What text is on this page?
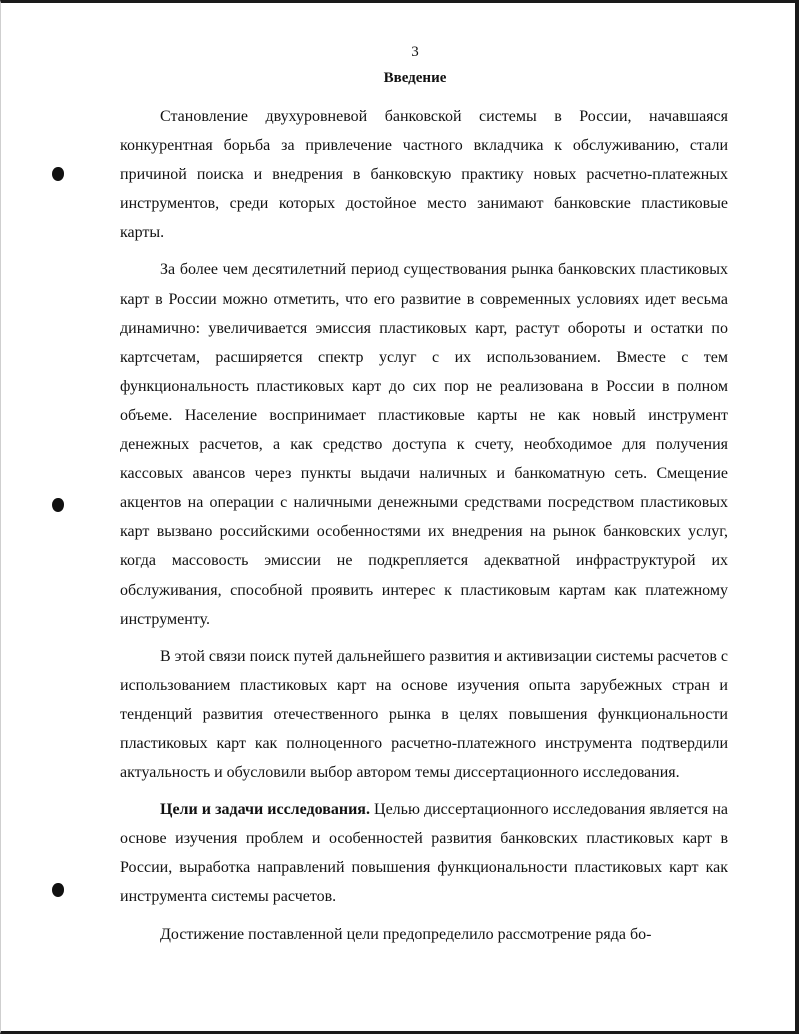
3
Введение

Становление двухуровневой банковской системы в России, начавшаяся конкурентная борьба за привлечение частного вкладчика к обслуживанию, стали причиной поиска и внедрения в банковскую практику новых расчетно-платежных инструментов, среди которых достойное место занимают банковские пластиковые карты.

За более чем десятилетний период существования рынка банковских пластиковых карт в России можно отметить, что его развитие в современных условиях идет весьма динамично: увеличивается эмиссия пластиковых карт, растут обороты и остатки по картсчетам, расширяется спектр услуг с их использованием. Вместе с тем функциональность пластиковых карт до сих пор не реализована в России в полном объеме. Население воспринимает пластиковые карты не как новый инструмент денежных расчетов, а как средство доступа к счету, необходимое для получения кассовых авансов через пункты выдачи наличных и банкоматную сеть. Смещение акцентов на операции с наличными денежными средствами посредством пластиковых карт вызвано российскими особенностями их внедрения на рынок банковских услуг, когда массовость эмиссии не подкрепляется адекватной инфраструктурой их обслуживания, способной проявить интерес к пластиковым картам как платежному инструменту.

В этой связи поиск путей дальнейшего развития и активизации системы расчетов с использованием пластиковых карт на основе изучения опыта зарубежных стран и тенденций развития отечественного рынка в целях повышения функциональности пластиковых карт как полноценного расчетно-платежного инструмента подтвердили актуальность и обусловили выбор автором темы диссертационного исследования.

Цели и задачи исследования. Целью диссертационного исследования является на основе изучения проблем и особенностей развития банковских пластиковых карт в России, выработка направлений повышения функциональности пластиковых карт как инструмента системы расчетов.

Достижение поставленной цели предопределило рассмотрение ряда бо-
